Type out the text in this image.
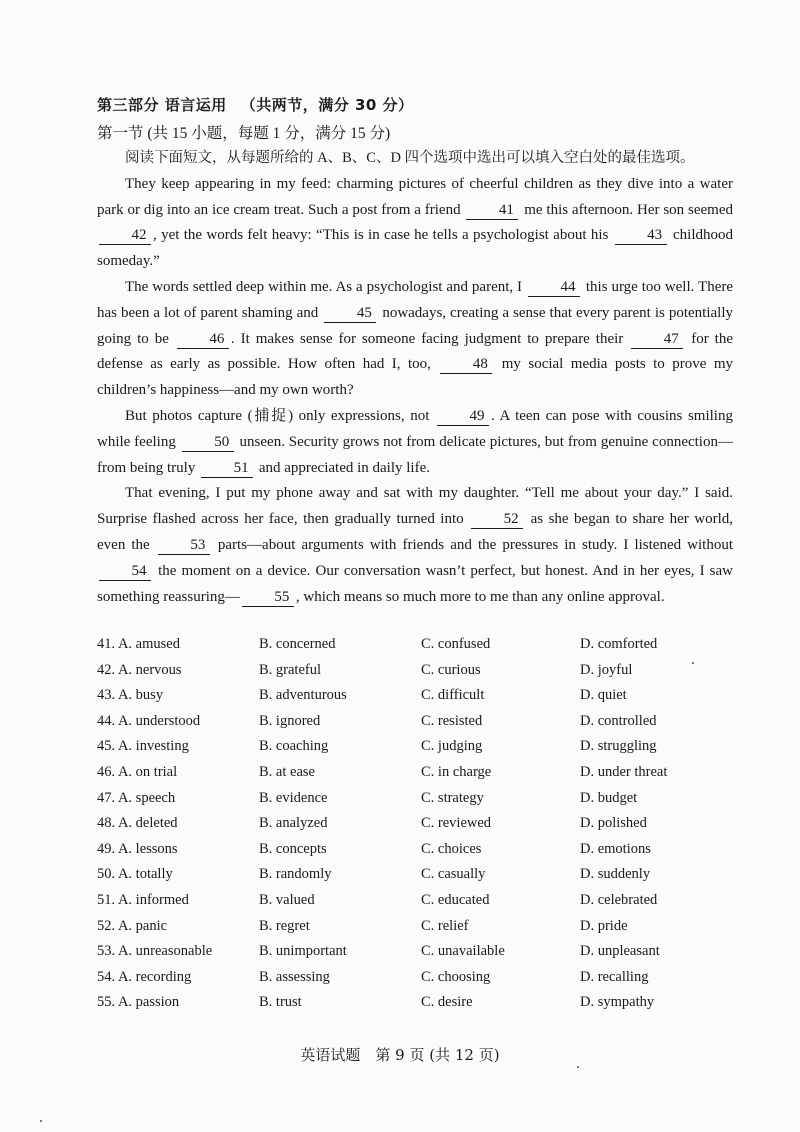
第三部分 语言运用 （共两节，满分 30 分）
第一节 (共 15 小题，每题 1 分，满分 15 分)

阅读下面短文，从每题所给的 A、B、C、D 四个选项中选出可以填入空白处的最佳选项。

They keep appearing in my feed: charming pictures of cheerful children as they dive into a water park or dig into an ice cream treat. Such a post from a friend 41 me this afternoon. Her son seemed 42 , yet the words felt heavy: “This is in case he tells a psychologist about his 43 childhood someday.”

The words settled deep within me. As a psychologist and parent, I 44 this urge too well. There has been a lot of parent shaming and 45 nowadays, creating a sense that every parent is potentially going to be 46 . It makes sense for someone facing judgment to prepare their 47 for the defense as early as possible. How often had I, too, 48 my social media posts to prove my children’s happiness—and my own worth?

But photos capture (捕捉) only expressions, not 49 . A teen can pose with cousins smiling while feeling 50 unseen. Security grows not from delicate pictures, but from genuine connection—from being truly 51 and appreciated in daily life.

That evening, I put my phone away and sat with my daughter. “Tell me about your day.” I said. Surprise flashed across her face, then gradually turned into 52 as she began to share her world, even the 53 parts—about arguments with friends and the pressures in study. I listened without 54 the moment on a device. Our conversation wasn’t perfect, but honest. And in her eyes, I saw something reassuring— 55 , which means so much more to me than any online approval.

41. A. amused	B. concerned	C. confused	D. comforted
42. A. nervous	B. grateful	C. curious	D. joyful
43. A. busy	B. adventurous	C. difficult	D. quiet
44. A. understood	B. ignored	C. resisted	D. controlled
45. A. investing	B. coaching	C. judging	D. struggling
46. A. on trial	B. at ease	C. in charge	D. under threat
47. A. speech	B. evidence	C. strategy	D. budget
48. A. deleted	B. analyzed	C. reviewed	D. polished
49. A. lessons	B. concepts	C. choices	D. emotions
50. A. totally	B. randomly	C. casually	D. suddenly
51. A. informed	B. valued	C. educated	D. celebrated
52. A. panic	B. regret	C. relief	D. pride
53. A. unreasonable	B. unimportant	C. unavailable	D. unpleasant
54. A. recording	B. assessing	C. choosing	D. recalling
55. A. passion	B. trust	C. desire	D. sympathy
英语试题　第 9 页 (共 12 页)
